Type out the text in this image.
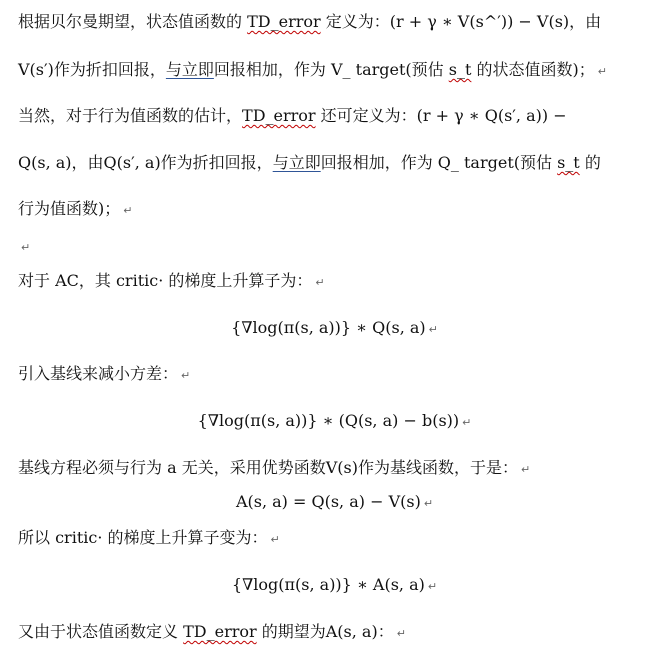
根据贝尔曼期望，状态值函数的 TD_error 定义为：(r + γ ∗ V(s^′)) − V(s)，由
V(s′)作为折扣回报，与立即回报相加，作为 V_ target(预估 s_t 的状态值函数)； ↵
当然，对于行为值函数的估计，TD_error 还可定义为：(r + γ ∗ Q(s′, a)) −
Q(s, a)，由Q(s′, a)作为折扣回报，与立即回报相加，作为 Q_ target(预估 s_t 的
行为值函数)； ↵
↵
对于 AC，其 critic· 的梯度上升算子为： ↵
{∇log(π(s, a))} ∗ Q(s, a) ↵
引入基线来减小方差： ↵
{∇log(π(s, a))} ∗ (Q(s, a) − b(s)) ↵
基线方程必须与行为 a 无关，采用优势函数V(s)作为基线函数，于是： ↵
A(s, a) = Q(s, a) − V(s) ↵
所以 critic· 的梯度上升算子变为： ↵
{∇log(π(s, a))} ∗ A(s, a) ↵
又由于状态值函数定义 TD_error 的期望为A(s, a)： ↵
